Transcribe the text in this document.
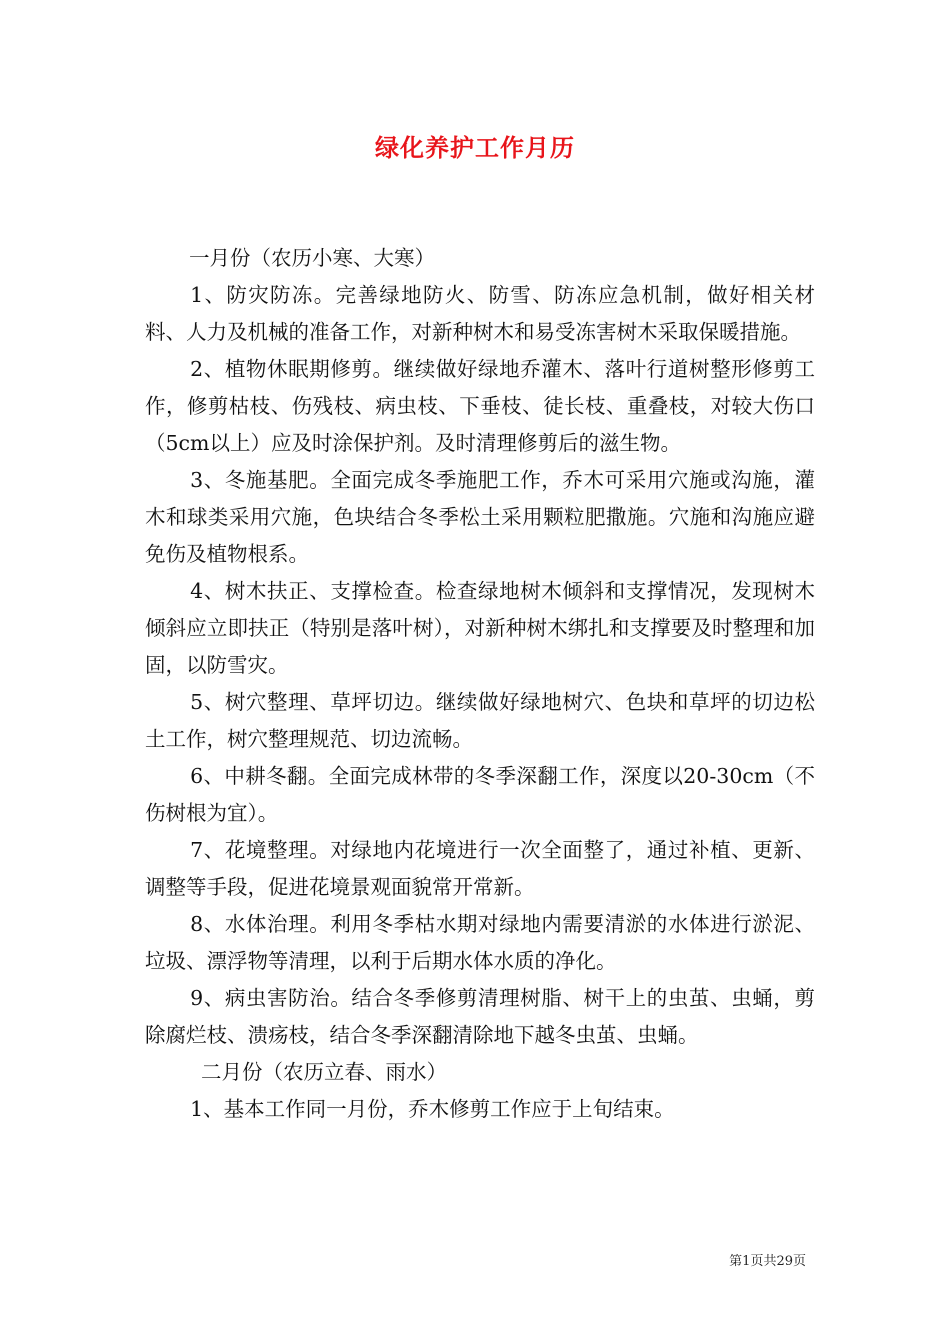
绿化养护工作月历

一月份（农历小寒、大寒）

1、防灾防冻。完善绿地防火、防雪、防冻应急机制，做好相关材料、人力及机械的准备工作，对新种树木和易受冻害树木采取保暖措施。

2、植物休眠期修剪。继续做好绿地乔灌木、落叶行道树整形修剪工作，修剪枯枝、伤残枝、病虫枝、下垂枝、徒长枝、重叠枝，对较大伤口（5cm以上）应及时涂保护剂。及时清理修剪后的滋生物。

3、冬施基肥。全面完成冬季施肥工作，乔木可采用穴施或沟施，灌木和球类采用穴施，色块结合冬季松土采用颗粒肥撒施。穴施和沟施应避免伤及植物根系。

4、树木扶正、支撑检查。检查绿地树木倾斜和支撑情况，发现树木倾斜应立即扶正（特别是落叶树），对新种树木绑扎和支撑要及时整理和加固，以防雪灾。

5、树穴整理、草坪切边。继续做好绿地树穴、色块和草坪的切边松土工作，树穴整理规范、切边流畅。

6、中耕冬翻。全面完成林带的冬季深翻工作，深度以20-30cm（不伤树根为宜）。

7、花境整理。对绿地内花境进行一次全面整了，通过补植、更新、调整等手段，促进花境景观面貌常开常新。

8、水体治理。利用冬季枯水期对绿地内需要清淤的水体进行淤泥、垃圾、漂浮物等清理，以利于后期水体水质的净化。

9、病虫害防治。结合冬季修剪清理树脂、树干上的虫茧、虫蛹，剪除腐烂枝、溃疡枝，结合冬季深翻清除地下越冬虫茧、虫蛹。

二月份（农历立春、雨水）

1、基本工作同一月份，乔木修剪工作应于上旬结束。

第1页共29页
